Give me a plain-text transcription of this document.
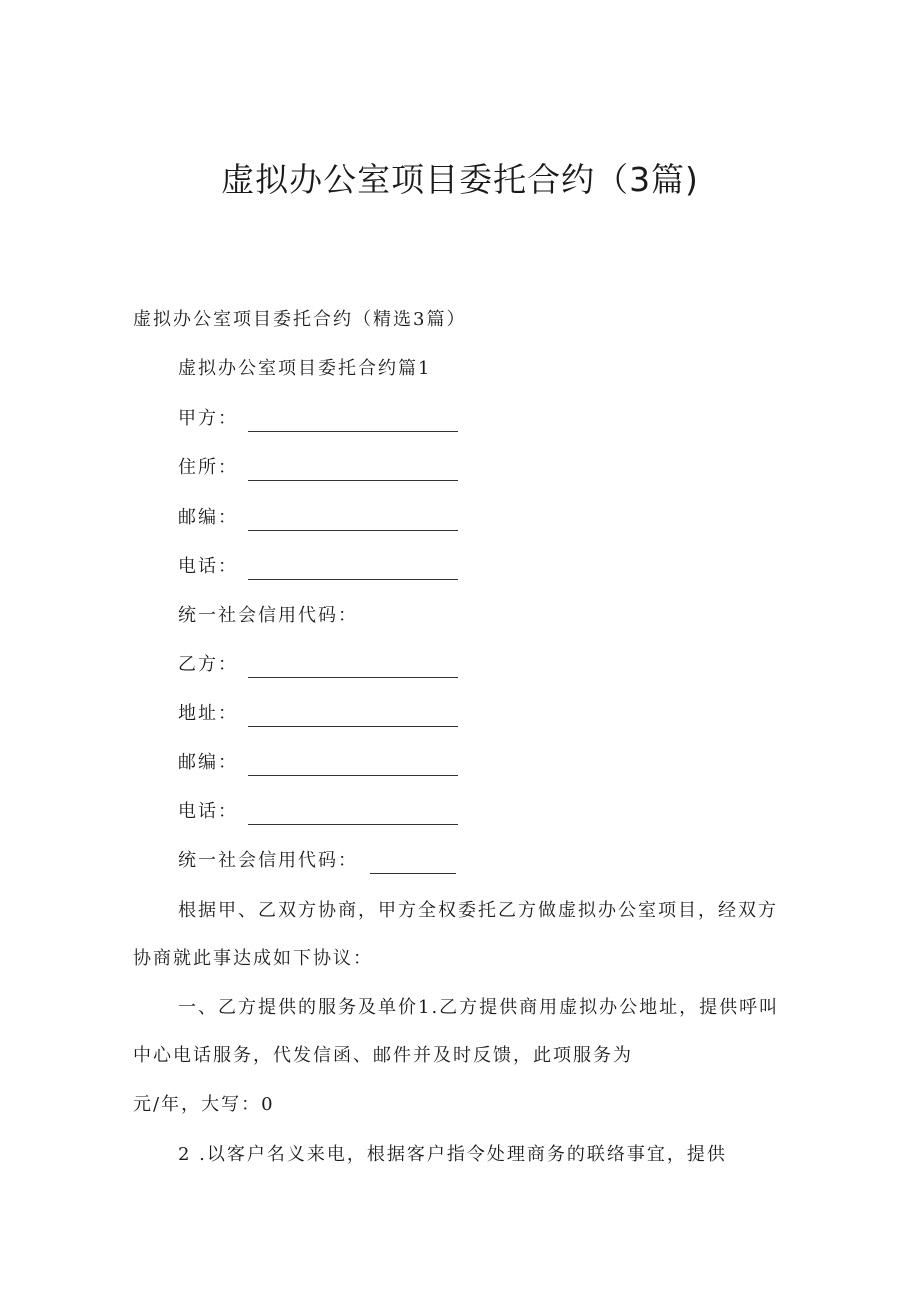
虚拟办公室项目委托合约（3篇)

虚拟办公室项目委托合约（精选3篇）

虚拟办公室项目委托合约篇1

甲方：

住所：

邮编：

电话：

统一社会信用代码：

乙方：

地址：

邮编：

电话：

统一社会信用代码：

根据甲、乙双方协商，甲方全权委托乙方做虚拟办公室项目，经双方

协商就此事达成如下协议：

一、乙方提供的服务及单价1.乙方提供商用虚拟办公地址，提供呼叫

中心电话服务，代发信函、邮件并及时反馈，此项服务为

元/年，大写：0

2 .以客户名义来电，根据客户指令处理商务的联络事宜，提供
